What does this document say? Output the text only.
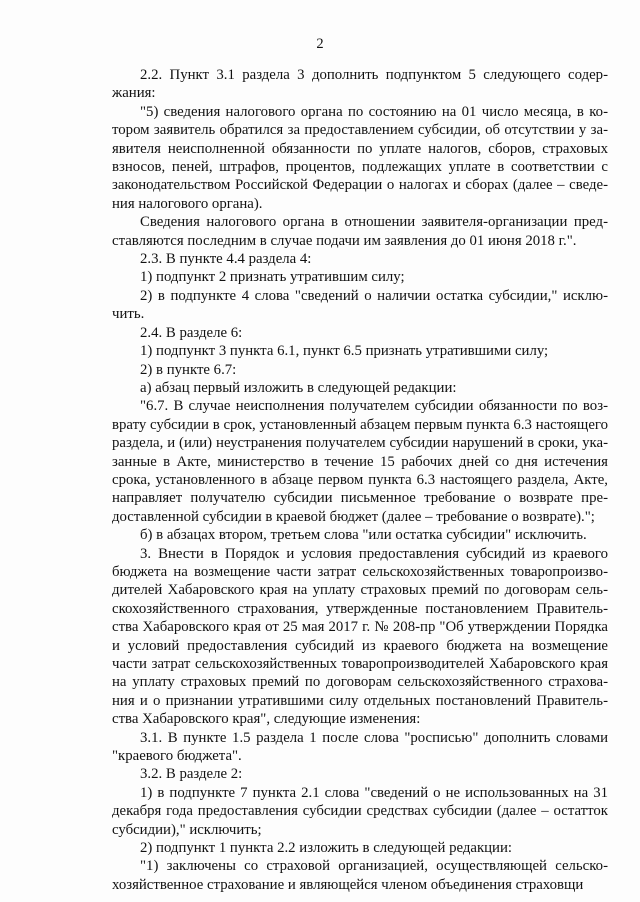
2

2.2. Пункт 3.1 раздела 3 дополнить подпунктом 5 следующего содержания:

"5) сведения налогового органа по состоянию на 01 число месяца, в котором заявитель обратился за предоставлением субсидии, об отсутствии у заявителя неисполненной обязанности по уплате налогов, сборов, страховых взносов, пеней, штрафов, процентов, подлежащих уплате в соответствии с законодательством Российской Федерации о налогах и сборах (далее – сведения налогового органа).

Сведения налогового органа в отношении заявителя-организации представляются последним в случае подачи им заявления до 01 июня 2018 г.".

2.3. В пункте 4.4 раздела 4:

1) подпункт 2 признать утратившим силу;

2) в подпункте 4 слова "сведений о наличии остатка субсидии," исключить.

2.4. В разделе 6:

1) подпункт 3 пункта 6.1, пункт 6.5 признать утратившими силу;

2) в пункте 6.7:

а) абзац первый изложить в следующей редакции:

"6.7. В случае неисполнения получателем субсидии обязанности по возврату субсидии в срок, установленный абзацем первым пункта 6.3 настоящего раздела, и (или) неустранения получателем субсидии нарушений в сроки, указанные в Акте, министерство в течение 15 рабочих дней со дня истечения срока, установленного в абзаце первом пункта 6.3 настоящего раздела, Акте, направляет получателю субсидии письменное требование о возврате предоставленной субсидии в краевой бюджет (далее – требование о возврате).";

б) в абзацах втором, третьем слова "или остатка субсидии" исключить.

3. Внести в Порядок и условия предоставления субсидий из краевого бюджета на возмещение части затрат сельскохозяйственных товаропроизводителей Хабаровского края на уплату страховых премий по договорам сельскохозяйственного страхования, утвержденные постановлением Правительства Хабаровского края от 25 мая 2017 г. № 208-пр "Об утверждении Порядка и условий предоставления субсидий из краевого бюджета на возмещение части затрат сельскохозяйственных товаропроизводителей Хабаровского края на уплату страховых премий по договорам сельскохозяйственного страхования и о признании утратившими силу отдельных постановлений Правительства Хабаровского края", следующие изменения:

3.1. В пункте 1.5 раздела 1 после слова "росписью" дополнить словами "краевого бюджета".

3.2. В разделе 2:

1) в подпункте 7 пункта 2.1 слова "сведений о не использованных на 31 декабря года предоставления субсидии средствах субсидии (далее – остатток субсидии)," исключить;

2) подпункт 1 пункта 2.2 изложить в следующей редакции:

"1) заключены со страховой организацией, осуществляющей сельскохозяйственное страхование и являющейся членом объединения страховщи
